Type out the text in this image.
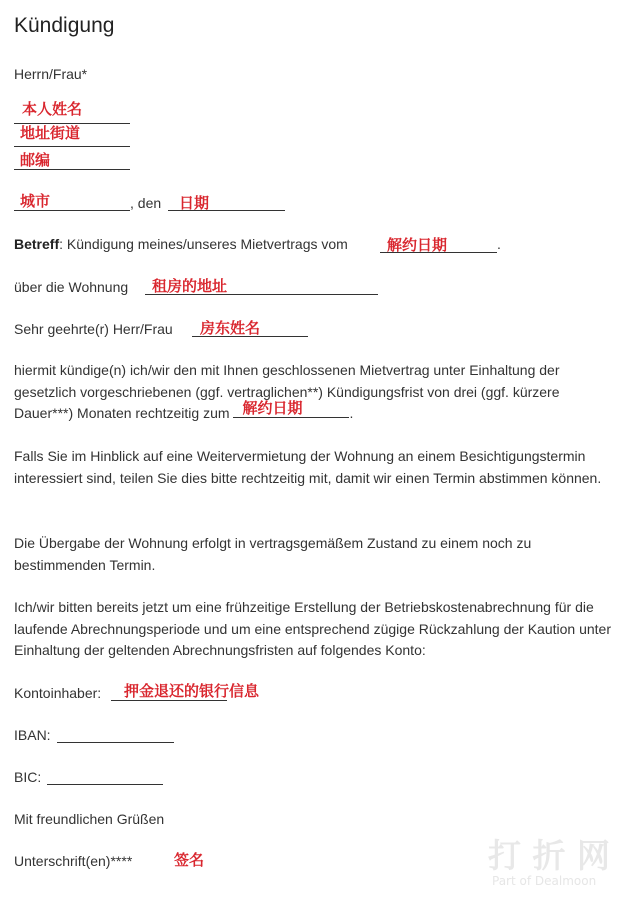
Kündigung
Herrn/Frau*
本人姓名
地址街道
邮编
城市	, den 日期
Betreff: Kündigung meines/unseres Mietvertrags vom	解约日期	.
über die Wohnung 租房的地址
Sehr geehrte(r) Herr/Frau 房东姓名
hiermit kündige(n) ich/wir den mit Ihnen geschlossenen Mietvertrag unter Einhaltung der gesetzlich vorgeschriebenen (ggf. vertraglichen**) Kündigungsfrist von drei (ggf. kürzere Dauer***) Monaten rechtzeitig zum 解约日期	.
Falls Sie im Hinblick auf eine Weitervermietung der Wohnung an einem Besichtigungstermin interessiert sind, teilen Sie dies bitte rechtzeitig mit, damit wir einen Termin abstimmen können.
Die Übergabe der Wohnung erfolgt in vertragsgemäßem Zustand zu einem noch zu bestimmenden Termin.
Ich/wir bitten bereits jetzt um eine frühzeitige Erstellung der Betriebskostenabrechnung für die laufende Abrechnungsperiode und um eine entsprechend zügige Rückzahlung der Kaution unter Einhaltung der geltenden Abrechnungsfristen auf folgendes Konto:
Kontoinhaber: 押金退还的银行信息
IBAN:
BIC:
Mit freundlichen Grüßen
Unterschrift(en)****	签名	打 折 网
Part of Dealmoon
